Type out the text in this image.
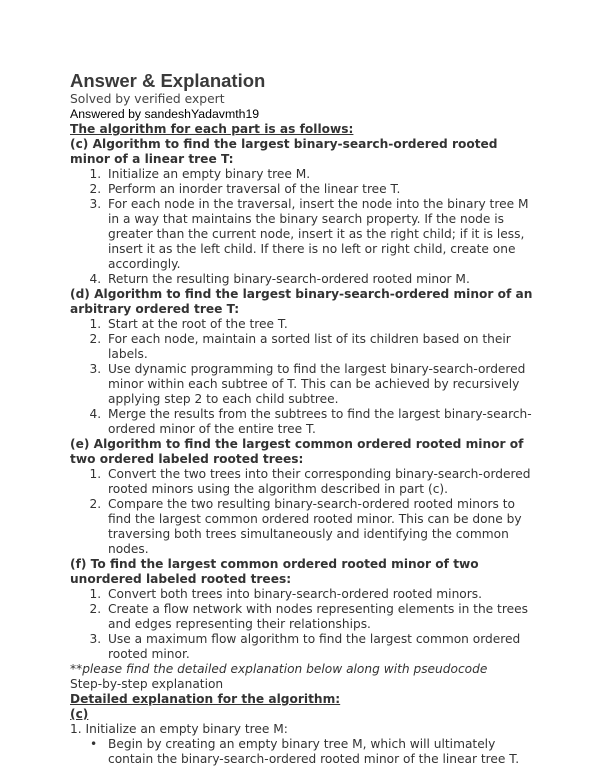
Answer & Explanation
Solved by verified expert
Answered by sandeshYadavmth19
The algorithm for each part is as follows:
(c) Algorithm to find the largest binary-search-ordered rooted minor of a linear tree T:
1. Initialize an empty binary tree M.
2. Perform an inorder traversal of the linear tree T.
3. For each node in the traversal, insert the node into the binary tree M in a way that maintains the binary search property. If the node is greater than the current node, insert it as the right child; if it is less, insert it as the left child. If there is no left or right child, create one accordingly.
4. Return the resulting binary-search-ordered rooted minor M.
(d) Algorithm to find the largest binary-search-ordered minor of an arbitrary ordered tree T:
1. Start at the root of the tree T.
2. For each node, maintain a sorted list of its children based on their labels.
3. Use dynamic programming to find the largest binary-search-ordered minor within each subtree of T. This can be achieved by recursively applying step 2 to each child subtree.
4. Merge the results from the subtrees to find the largest binary-search-ordered minor of the entire tree T.
(e) Algorithm to find the largest common ordered rooted minor of two ordered labeled rooted trees:
1. Convert the two trees into their corresponding binary-search-ordered rooted minors using the algorithm described in part (c).
2. Compare the two resulting binary-search-ordered rooted minors to find the largest common ordered rooted minor. This can be done by traversing both trees simultaneously and identifying the common nodes.
(f) To find the largest common ordered rooted minor of two unordered labeled rooted trees:
1. Convert both trees into binary-search-ordered rooted minors.
2. Create a flow network with nodes representing elements in the trees and edges representing their relationships.
3. Use a maximum flow algorithm to find the largest common ordered rooted minor.
**please find the detailed explanation below along with pseudocode
Step-by-step explanation
Detailed explanation for the algorithm:
(c)
1. Initialize an empty binary tree M:
• Begin by creating an empty binary tree M, which will ultimately contain the binary-search-ordered rooted minor of the linear tree T.
